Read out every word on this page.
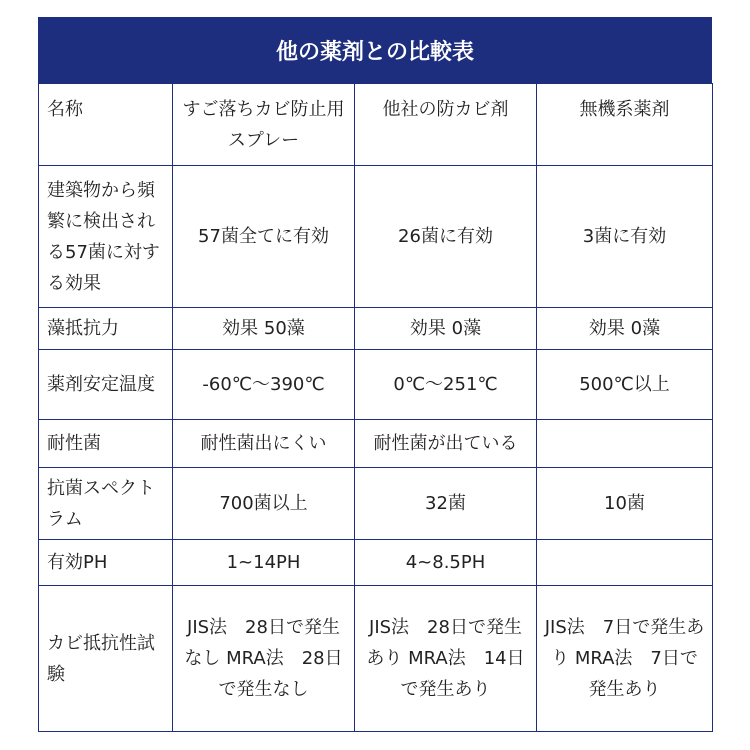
他の薬剤との比較表
名称	すご落ちカビ防止用スプレー	他社の防カビ剤	無機系薬剤
建築物から頻繁に検出される57菌に対する効果	57菌全てに有効	26菌に有効	3菌に有効
藻抵抗力	効果 50藻	効果 0藻	効果 0藻
薬剤安定温度	-60℃～390℃	0℃～251℃	500℃以上
耐性菌	耐性菌出にくい	耐性菌が出ている	
抗菌スペクトラム	700菌以上	32菌	10菌
有効PH	1~14PH	4~8.5PH	
カビ抵抗性試験	JIS法　28日で発生なし MRA法　28日で発生なし	JIS法　28日で発生あり MRA法　14日で発生あり	JIS法　7日で発生あり MRA法　7日で発生あり
